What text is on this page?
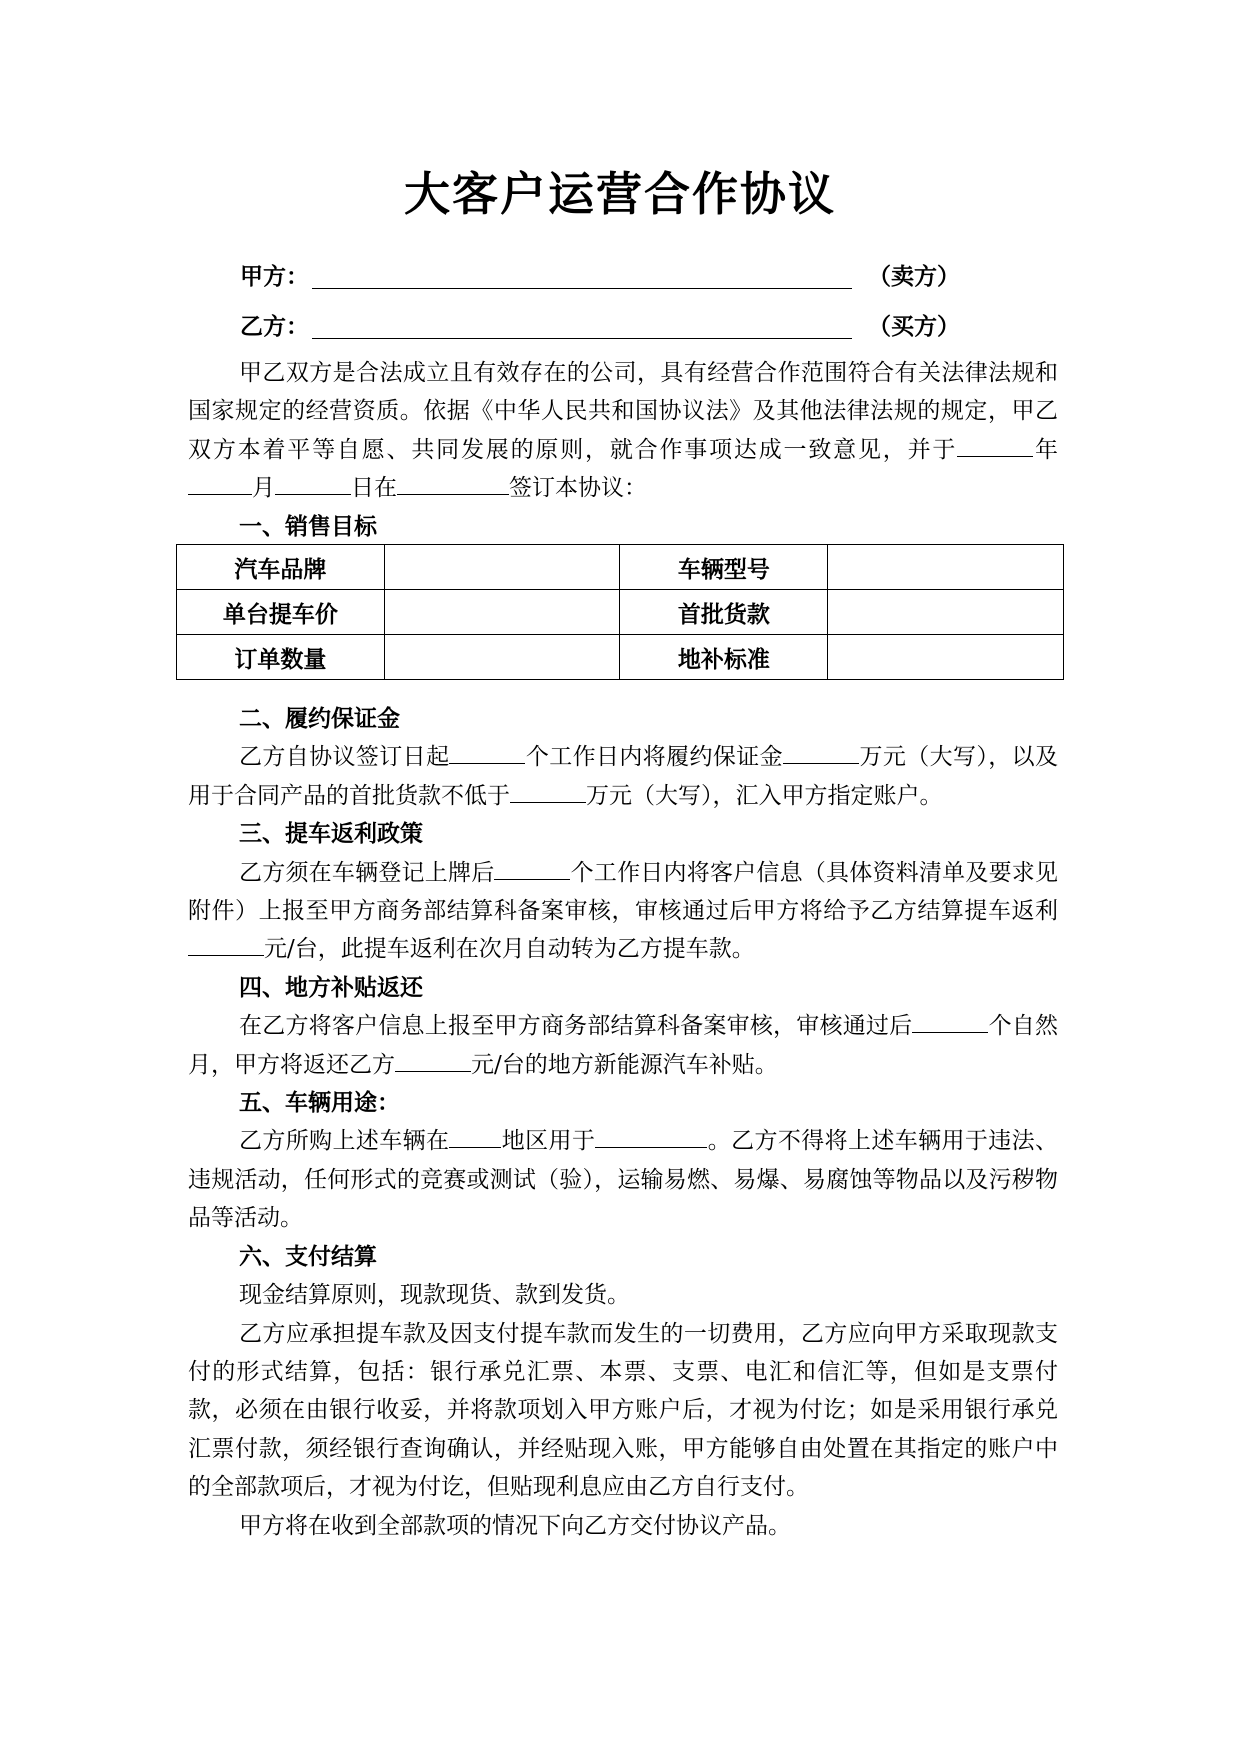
大客户运营合作协议
甲方：	（卖方）
乙方：	（买方）

甲乙双方是合法成立且有效存在的公司，具有经营合作范围符合有关法律法规和国家规定的经营资质。依据《中华人民共和国协议法》及其他法律法规的规定，甲乙双方本着平等自愿、共同发展的原则，就合作事项达成一致意见，并于	年月	日在	签订本协议：

一、销售目标

汽车品牌		车辆型号	
单台提车价		首批货款	
订单数量		地补标准	

二、履约保证金

乙方自协议签订日起	个工作日内将履约保证金	万元（大写），以及用于合同产品的首批货款不低于	万元（大写），汇入甲方指定账户。

三、提车返利政策

乙方须在车辆登记上牌后	个工作日内将客户信息（具体资料清单及要求见附件）上报至甲方商务部结算科备案审核，审核通过后甲方将给予乙方结算提车返利元/台，此提车返利在次月自动转为乙方提车款。

四、地方补贴返还

在乙方将客户信息上报至甲方商务部结算科备案审核，审核通过后	个自然月，甲方将返还乙方	元/台的地方新能源汽车补贴。

五、车辆用途：

乙方所购上述车辆在 地区用于	。乙方不得将上述车辆用于违法、违规活动，任何形式的竞赛或测试（验），运输易燃、易爆、易腐蚀等物品以及污秽物品等活动。

六、支付结算

现金结算原则，现款现货、款到发货。

乙方应承担提车款及因支付提车款而发生的一切费用，乙方应向甲方采取现款支付的形式结算，包括：银行承兑汇票、本票、支票、电汇和信汇等，但如是支票付款，必须在由银行收妥，并将款项划入甲方账户后，才视为付讫；如是采用银行承兑汇票付款，须经银行查询确认，并经贴现入账，甲方能够自由处置在其指定的账户中的全部款项后，才视为付讫，但贴现利息应由乙方自行支付。

甲方将在收到全部款项的情况下向乙方交付协议产品。
